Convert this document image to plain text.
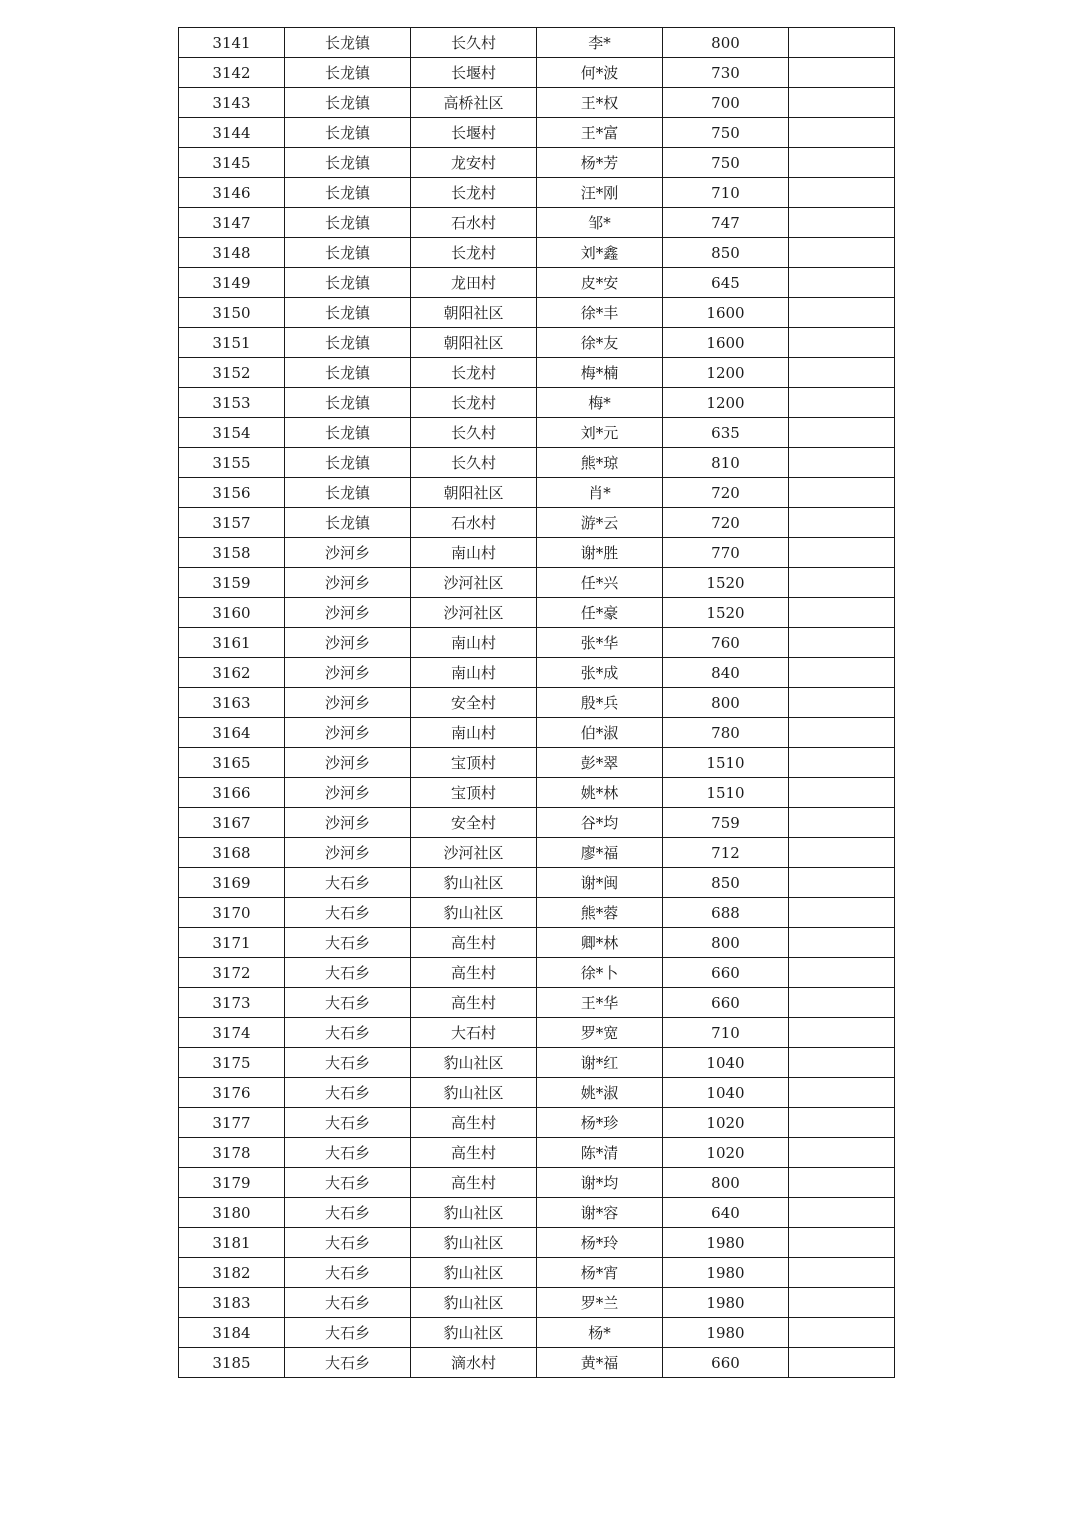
3141	长龙镇	长久村	李*	800	
3142	长龙镇	长堰村	何*波	730	
3143	长龙镇	高桥社区	王*权	700	
3144	长龙镇	长堰村	王*富	750	
3145	长龙镇	龙安村	杨*芳	750	
3146	长龙镇	长龙村	汪*刚	710	
3147	长龙镇	石水村	邹*	747	
3148	长龙镇	长龙村	刘*鑫	850	
3149	长龙镇	龙田村	皮*安	645	
3150	长龙镇	朝阳社区	徐*丰	1600	
3151	长龙镇	朝阳社区	徐*友	1600	
3152	长龙镇	长龙村	梅*楠	1200	
3153	长龙镇	长龙村	梅*	1200	
3154	长龙镇	长久村	刘*元	635	
3155	长龙镇	长久村	熊*琼	810	
3156	长龙镇	朝阳社区	肖*	720	
3157	长龙镇	石水村	游*云	720	
3158	沙河乡	南山村	谢*胜	770	
3159	沙河乡	沙河社区	任*兴	1520	
3160	沙河乡	沙河社区	任*豪	1520	
3161	沙河乡	南山村	张*华	760	
3162	沙河乡	南山村	张*成	840	
3163	沙河乡	安全村	殷*兵	800	
3164	沙河乡	南山村	伯*淑	780	
3165	沙河乡	宝顶村	彭*翠	1510	
3166	沙河乡	宝顶村	姚*林	1510	
3167	沙河乡	安全村	谷*均	759	
3168	沙河乡	沙河社区	廖*福	712	
3169	大石乡	豹山社区	谢*闽	850	
3170	大石乡	豹山社区	熊*蓉	688	
3171	大石乡	高生村	卿*林	800	
3172	大石乡	高生村	徐*卜	660	
3173	大石乡	高生村	王*华	660	
3174	大石乡	大石村	罗*宽	710	
3175	大石乡	豹山社区	谢*红	1040	
3176	大石乡	豹山社区	姚*淑	1040	
3177	大石乡	高生村	杨*珍	1020	
3178	大石乡	高生村	陈*清	1020	
3179	大石乡	高生村	谢*均	800	
3180	大石乡	豹山社区	谢*容	640	
3181	大石乡	豹山社区	杨*玲	1980	
3182	大石乡	豹山社区	杨*宵	1980	
3183	大石乡	豹山社区	罗*兰	1980	
3184	大石乡	豹山社区	杨*	1980	
3185	大石乡	滴水村	黄*福	660	
